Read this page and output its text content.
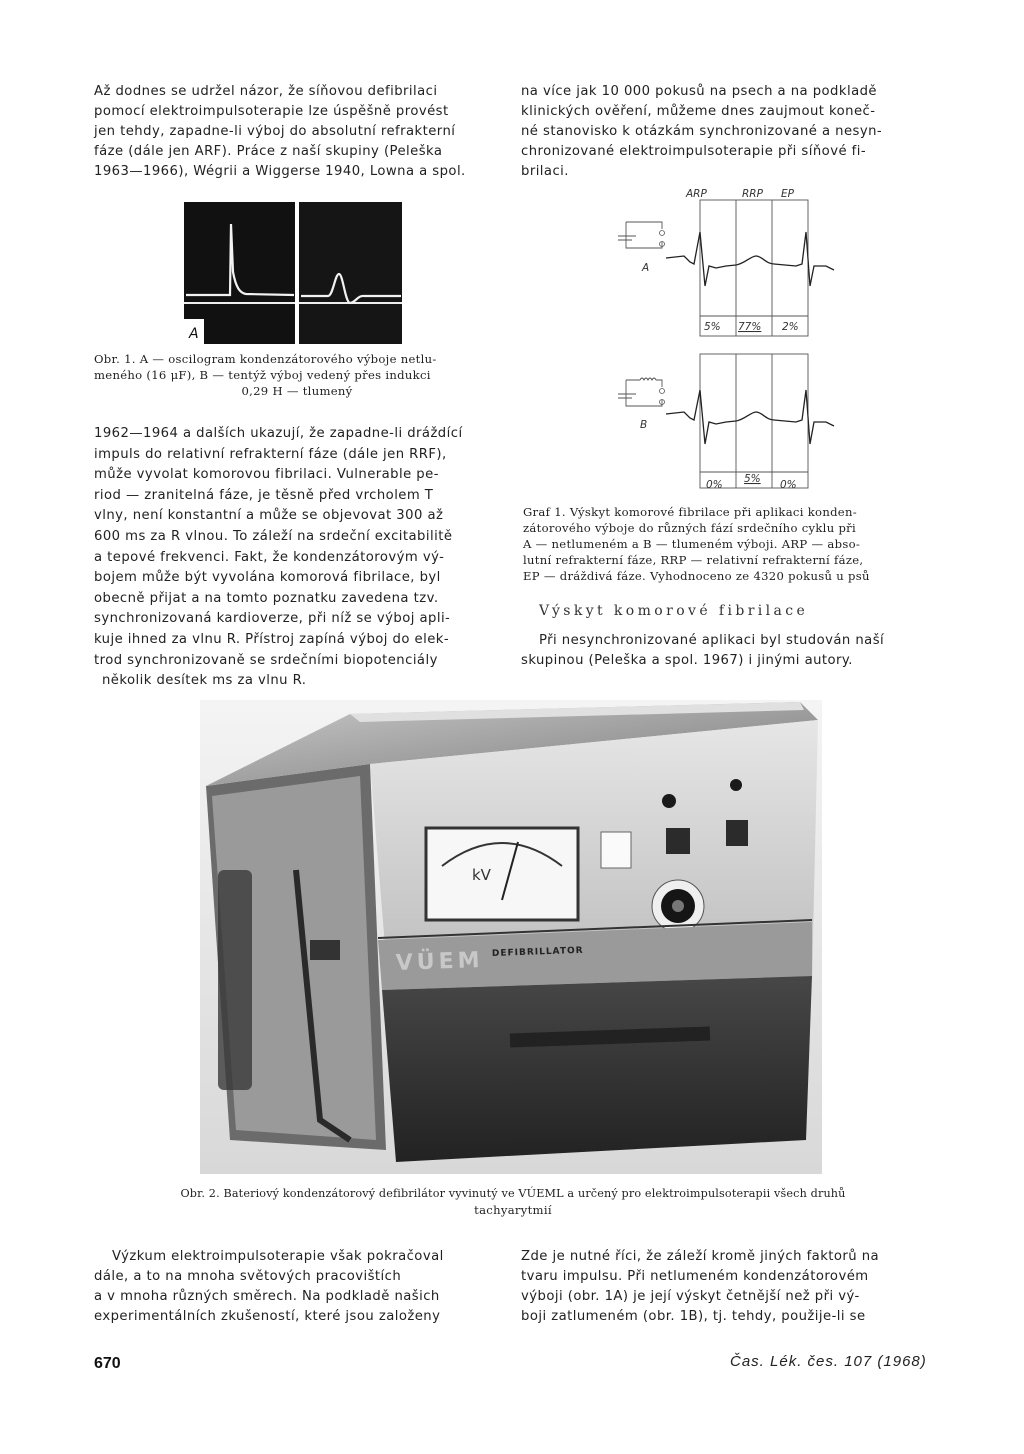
Až dodnes se udržel názor, že síňovou defibrilaci
pomocí elektroimpulsoterapie lze úspěšně provést
jen tehdy, zapadne-li výboj do absolutní refrakterní
fáze (dále jen ARF). Práce z naší skupiny (Peleška
1963—1966), Wégrii a Wiggerse 1940, Lowna a spol.
na více jak 10 000 pokusů na psech a na podkladě
klinických ověření, můžeme dnes zaujmout koneč-
né stanovisko k otázkám synchronizované a nesyn-
chronizované elektroimpulsoterapie při síňové fi-
brilaci.
A
Obr. 1. A — oscilogram kondenzátorového výboje netlu-
meného (16 μF), B — tentýž výboj vedený přes indukci
0,29 H — tlumený
1962—1964 a dalších ukazují, že zapadne-li dráždící
impuls do relativní refrakterní fáze (dále jen RRF),
může vyvolat komorovou fibrilaci. Vulnerable pe-
riod — zranitelná fáze, je těsně před vrcholem T
vlny, není konstantní a může se objevovat 300 až
600 ms za R vlnou. To záleží na srdeční excitabilitě
a tepové frekvenci. Fakt, že kondenzátorovým vý-
bojem může být vyvolána komorová fibrilace, byl
obecně přijat a na tomto poznatku zavedena tzv.
synchronizovaná kardioverze, při níž se výboj apli-
kuje ihned za vlnu R. Přístroj zapíná výboj do elek-
trod synchronizovaně se srdečními biopotenciály
několik desítek ms za vlnu R.
ARP	RRP EP
A
5% 77% 2%
B
0% 5% 0%
Graf 1. Výskyt komorové fibrilace při aplikaci konden-
zátorového výboje do různých fází srdečního cyklu při
A — netlumeném a B — tlumeném výboji. ARP — abso-
lutní refrakterní fáze, RRP — relativní refrakterní fáze,
EP — dráždivá fáze. Vyhodnoceno ze 4320 pokusů u psů
Výskyt komorové fibrilace
Při nesynchronizované aplikaci byl studován naší
skupinou (Peleška a spol. 1967) i jinými autory.
kV
VÜEM DEFIBRILLATOR
Obr. 2. Bateriový kondenzátorový defibrilátor vyvinutý ve VÚEML a určený pro elektroimpulsoterapii všech druhů
tachyarytmií
Výzkum elektroimpulsoterapie však pokračoval
dále, a to na mnoha světových pracovištích
a v mnoha různých směrech. Na podkladě našich
experimentálních zkušeností, které jsou založeny
Zde je nutné říci, že záleží kromě jiných faktorů na
tvaru impulsu. Při netlumeném kondenzátorovém
výboji (obr. 1A) je její výskyt četnější než při vý-
boji zatlumeném (obr. 1B), tj. tehdy, použije-li se
670	Čas. Lék. čes. 107 (1968)
